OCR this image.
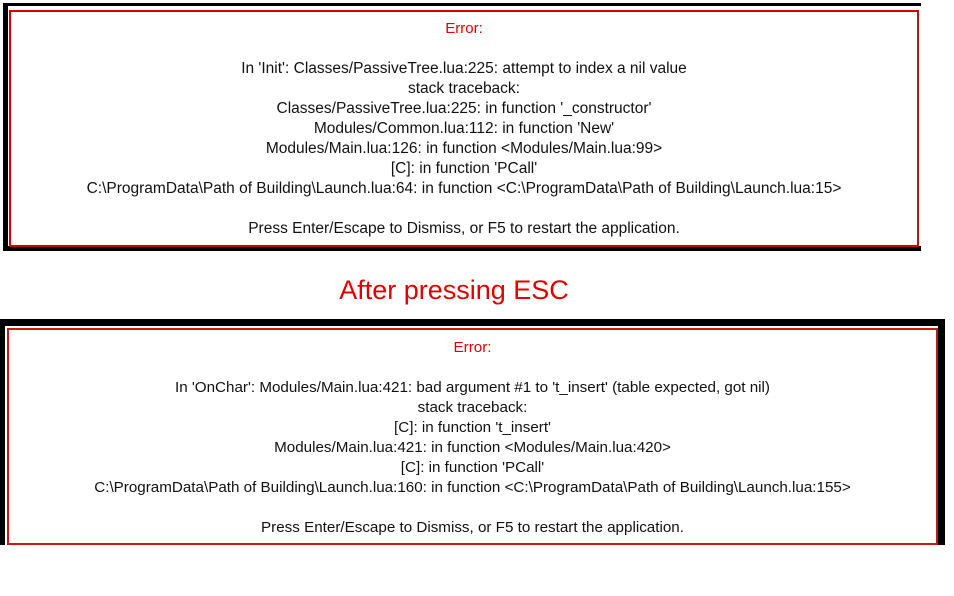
Error:
In 'Init': Classes/PassiveTree.lua:225: attempt to index a nil value
stack traceback:
Classes/PassiveTree.lua:225: in function '_constructor'
Modules/Common.lua:112: in function 'New'
Modules/Main.lua:126: in function <Modules/Main.lua:99>
[C]: in function 'PCall'
C:\ProgramData\Path of Building\Launch.lua:64: in function <C:\ProgramData\Path of Building\Launch.lua:15>
Press Enter/Escape to Dismiss, or F5 to restart the application.
After pressing ESC
Error:
In 'OnChar': Modules/Main.lua:421: bad argument #1 to 't_insert' (table expected, got nil)
stack traceback:
[C]: in function 't_insert'
Modules/Main.lua:421: in function <Modules/Main.lua:420>
[C]: in function 'PCall'
C:\ProgramData\Path of Building\Launch.lua:160: in function <C:\ProgramData\Path of Building\Launch.lua:155>
Press Enter/Escape to Dismiss, or F5 to restart the application.
